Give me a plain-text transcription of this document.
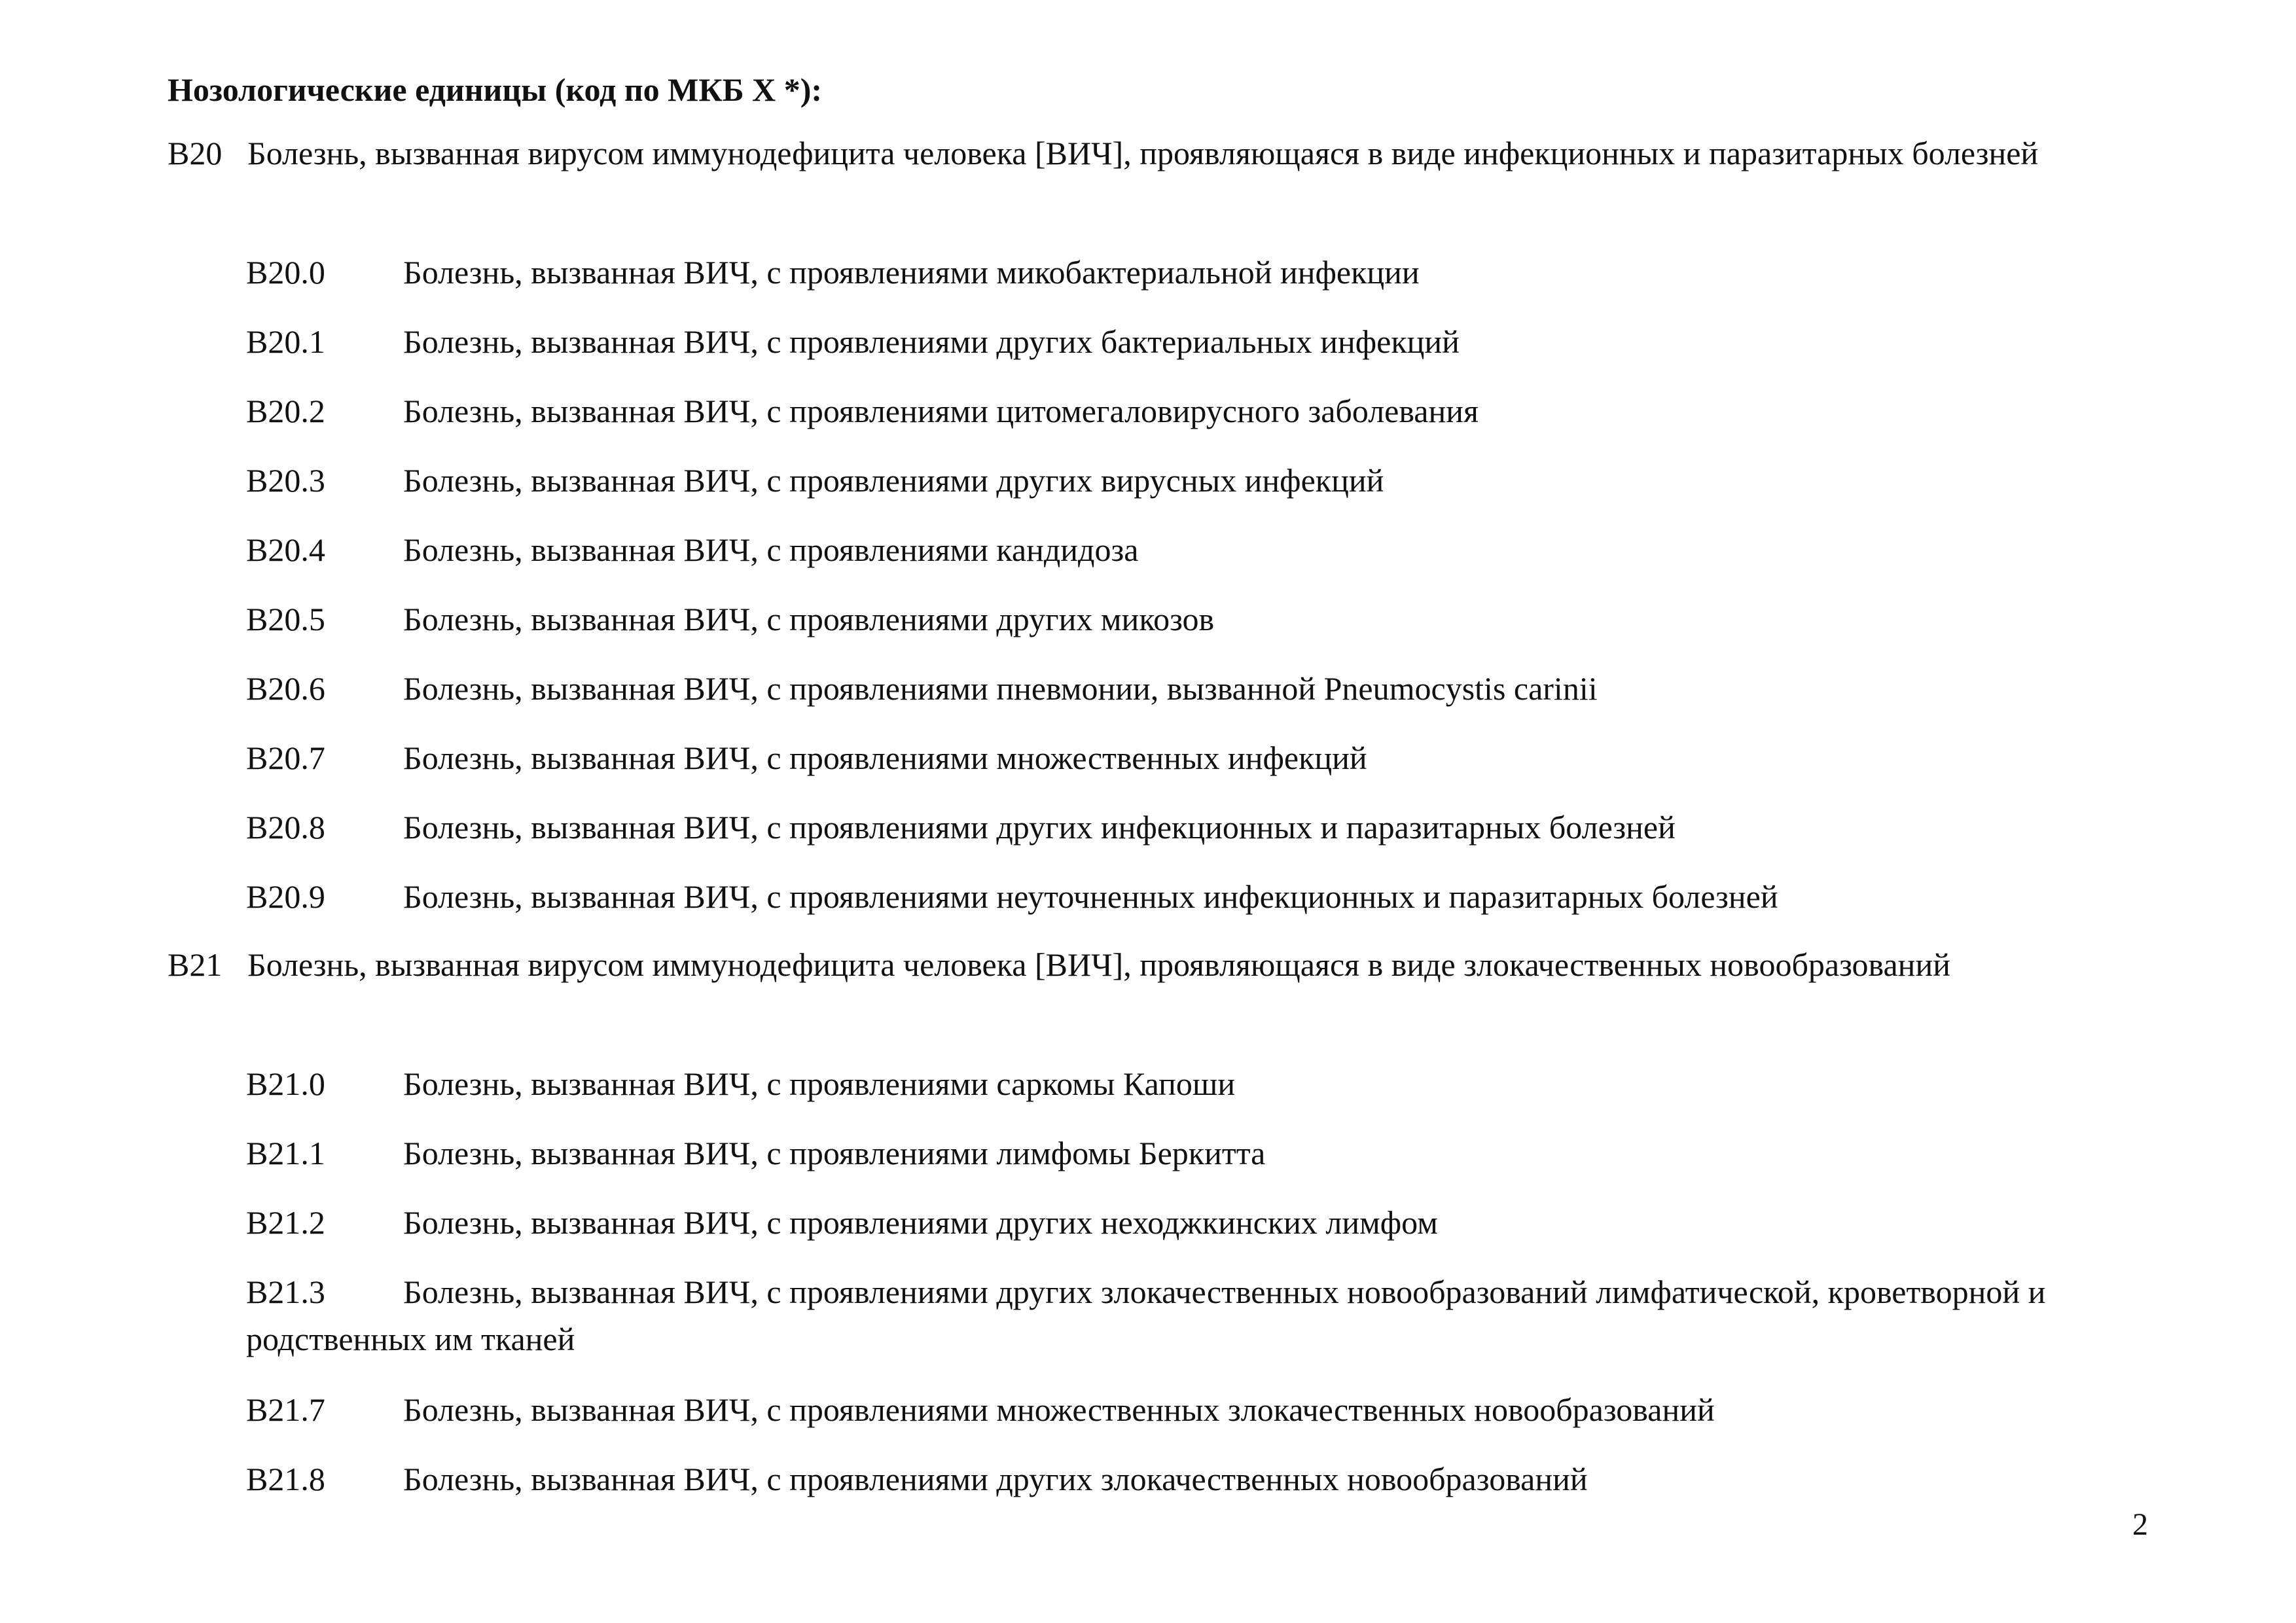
Нозологические единицы (код по МКБ X *):
B20 Болезнь, вызванная вирусом иммунодефицита человека [ВИЧ], проявляющаяся в виде инфекционных и паразитарных болезней
B20.0 Болезнь, вызванная ВИЧ, с проявлениями микобактериальной инфекции
B20.1 Болезнь, вызванная ВИЧ, с проявлениями других бактериальных инфекций
B20.2 Болезнь, вызванная ВИЧ, с проявлениями цитомегаловирусного заболевания
B20.3 Болезнь, вызванная ВИЧ, с проявлениями других вирусных инфекций
B20.4 Болезнь, вызванная ВИЧ, с проявлениями кандидоза
B20.5 Болезнь, вызванная ВИЧ, с проявлениями других микозов
B20.6 Болезнь, вызванная ВИЧ, с проявлениями пневмонии, вызванной Pneumocystis carinii
B20.7 Болезнь, вызванная ВИЧ, с проявлениями множественных инфекций
B20.8 Болезнь, вызванная ВИЧ, с проявлениями других инфекционных и паразитарных болезней
B20.9 Болезнь, вызванная ВИЧ, с проявлениями неуточненных инфекционных и паразитарных болезней
B21 Болезнь, вызванная вирусом иммунодефицита человека [ВИЧ], проявляющаяся в виде злокачественных новообразований
B21.0 Болезнь, вызванная ВИЧ, с проявлениями саркомы Капоши
B21.1 Болезнь, вызванная ВИЧ, с проявлениями лимфомы Беркитта
B21.2 Болезнь, вызванная ВИЧ, с проявлениями других неходжкинских лимфом
B21.3 Болезнь, вызванная ВИЧ, с проявлениями других злокачественных новообразований лимфатической, кроветворной и родственных им тканей
B21.7 Болезнь, вызванная ВИЧ, с проявлениями множественных злокачественных новообразований
B21.8 Болезнь, вызванная ВИЧ, с проявлениями других злокачественных новообразований
2
